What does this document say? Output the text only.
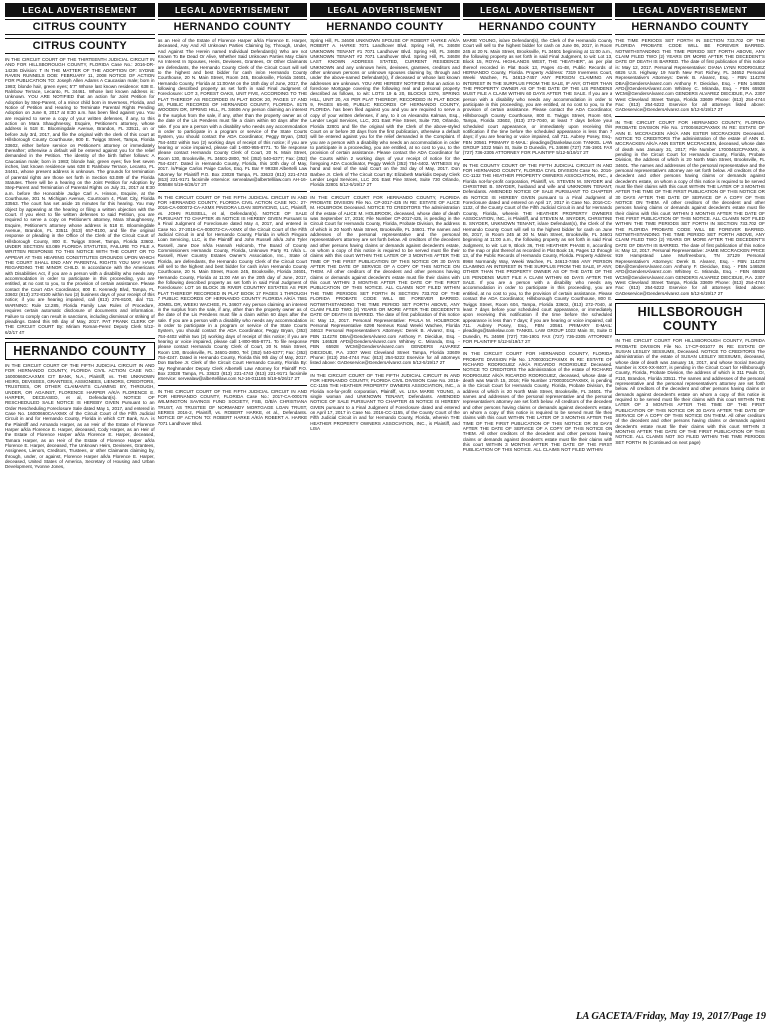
LEGAL ADVERTISEMENT
CITRUS COUNTY
CITRUS COUNTY
IN THE CIRCUIT COURT OF THE THIRTEENTH JUDICIAL CIRCUIT IN AND FOR HILLSBOROUGH COUNTY, FLORIDA Case No.: 2016-DR-14236 Division: T IN THE MATTER OF THE ADOPTION OF: SYDNE RAVEN RUNNELS DOB: FEBRUARY 11, 2008 NOTICE OF ACTION FOR PUBLICATION TO: Joseph Allen Adams A Caucasian male; born in 1983; blonde hair, green eyes; 5'7" Whose last known residence: 638 E. Ralnbow Terrace, Lecanto, FL 34461. Whose last known address is: Unknown. YOU ARE NOTIFIED that an action for Joint Petition for Adoption by Step-Parent, of a minor child born in Inverness, Florida, and Notice of Petition and Hearing to Terminate Parental Rights Pending Adoption on June 8, 2017 at 8:30 a.m. has been filed against you. You are required to serve a copy of your written defenses, if any, to this action on Mara Shaughnessy, Esquire, Petitioner's attorney, whose address is 518 E. Bloomingdale Avenue, Brandon, FL 33511, on or before July 3rd, 2017, and file the original with the clerk of this court at Hillsborough County Courthouse, 800 E. Twiggs Street, Tampa, Florida 33602, either before service on Petitioner's attorney or immediately thereafter; otherwise a default will be entered against you for the relief demanded in the Petition. The identity of the birth father follows: A Caucasian male; born in 1983; blonde hair, green eyes; five feet seven inches, last known residence was 638 E Ralnbow Terrace, Lecanto, FL 34461, whose present address is unknown. The grounds for termination of parental rights are those set forth in Section 63.089 of the Florida Statutes. There will be a hearing on the Joint Petition for Adoption by Step-Parent and Termination of Parental Rights on July 31, 2017 at 8:30 a.m. before the Honorable Judge Carl A. Hinson, Esquire, at the Courthouse, 301 N. Michigan Avenue, Courtroom 4, Plant City, Florida 33563. The court has set aside 15 minutes for this hearing. You may object by appearing at the hearing or filing a written objection with the Court. If you elect to file written defenses to said Petition, you are required to serve a copy on Petitioner's attorney, Mara Shaughnessy, Esquire, Petitioner's attorney whose address is 518 E. Bloomingdale Avenue, Brandon, FL 33511 (813) 657-8100, and file the original response or pleading in the Office of the Clerk of the Circuit Court of Hillsborough County, 800 E. Twiggs Street, Tampa, Florida 33602. UNDER SECTION 63.089 FLORIDA STATUTES, FAILURE TO FILE A WRITTEN RESPONSE TO THIS NOTICE WITH THE COURT OR TO APPEAR AT THIS HEARING CONSTITUTES GROUNDS UPON WHICH THE COURT SHALL END ANY PARENTAL RIGHTS YOU MAY HAVE REGARDING THE MINOR CHILD. In accordance with the Americans with Disabilities Act, if you are a person with a disability who needs any accommodation in order to participate in this proceeding, you are entitled, at no cost to you, to the provision of certain assistance. Please contact the Court ADA Coordinator, 800 E. Kennedy Blvd, Tampa, FL 33602 (813) 272-8100 within two (2) business days of your receipt of this notice; if you are hearing impaired, call (813) 276-8100, dial 711. WARNING: Rule 12.285, Florida Family Law Rules of Procedure, requires certain automatic disclosure of documents and information. Failure to comply can result in sanctions, including dismissal or striking of pleadings. Dated this 9th day of May, 2017. PAT FRANK CLERK OF THE CIRCUIT COURT By: Miriam Roman-Perez Deputy Clerk 5/12-6/2/17 4T
HERNANDO COUNTY
IN THE CIRCUIT COURT OF THE FIFTH JUDICIAL CIRCUIT IN AND FOR HERNANDO COUNTY, FLORIDA CIVIL ACTION CASE NO.: 16000660CAAXMX CIT BANK, N.A., Plaintiff, vs. THE UNKNOWN HEIRS, DEVISEES, GRANTEES, ASSIGNEES, LIENORS, CREDITORS, TRUSTEES, OR OTHER CLAIMANTS CLAIMING BY, THROUGH, UNDER, OR AGAINST, FLORENCE HARPER A/K/A FLORENCE E. HARPER, DECEASED, et al, Defendant(s). NOTICE OF RESCHEDULED SALE NOTICE IS HEREBY GIVEN Pursuant to an Order Rescheduling Foreclosure Sale dated May 1, 2017, and entered in Case No. 16000660CAAXMX of the Circuit Court of the Fifth Judicial Circuit in and for Hernando County, Florida in which CIT Bank, N.A. is the Plaintiff and Armando Harper, as an Heir of the Estate of Florence Harper a/k/a Florence E. Harper, deceased, Cody Harper, as an Heir of the Estate of Florence Harper a/k/a Florence E. Harper, deceased, Tamara Harper, as an Heir of the Estate of Florence Harper a/k/a Florence E. Harper, deceased, The Unknown Heirs, Devisees, Grantees, Assignees, Lienors, Creditors, Trustees, or other Claimants claiming by, through, under, or against, Florence Harper a/k/a Florence E. Harper, deceased, United States of America, Secretary of Housing and Urban Development, Yvonne Jones,
LEGAL ADVERTISEMENT
HERNANDO COUNTY
as an Heir of the Estate of Florence Harper a/k/a Florence E. Harper, deceased, Any And All Unknown Parties Claiming by, Through, Under, And Against The Herein named Individual Defendant(s) Who are not Known To Be Dead Or Alive, Whether Said Unknown Parties May Claim An Interest In Spouses, Heirs, Devisees, Grantees, Or Other Claimants are defendants, the Hernando County Clerk of the Circuit Court will sell to the highest and best bidder for cash in/on Hernando County Courthouse, 20 N. Main Street, Room 245, Brooksville, Florida 34601, Hernando County, Florida at 11:00AM on the 15th day of June, 2017, the following described property as set forth in said Final Judgment of Foreclosure: LOT 3, FOREST OAKS, UNIT FIVE, ACCORDING TO THE PLAT THEREOF AS RECORDED IN PLAT BOOK 20, PAGES 17 AND 18, PUBLIC RECORDS OF HERNANDO COUNTY, FLORIDA. 8175 WOODEN DR, SPRING HILL, FL 34606 Any person claiming an interest in the surplus from the sale, if any, other than the property owner as of the date of the Lis Pendens must file a claim within 60 days after the sale. If you are a person with a disability who needs any accommodation in order to participate in a program or service of the State Courts System, you should contact the ADA Coordinator, Peggy Bryan, (352) 754-4402 within two (2) working days of receipt of this notice; if you are hearing or voice impaired, please call 1-800-955-8771. To file response please contact Hernando County Clerk of Court, 20 N. Main Street, Room 130, Brooksville, FL 34601-2800, Tel: (352) 540-6377; Fax: (352) 754-4247. Dated in Hernando County, Florida, this 10th day of May, 2017. /s/Paige Carlos Paige Carlos, Esq. FL Bar # 99338 Albertelli Law Attorney for Plaintiff P.O. Box 23028 Tampa, FL 33623 (813) 221-4743 (813) 221-9171 facsimile eService: servealaw@albertellilaw.com AH-16-005588 5/19-5/26/17 2T
IN THE CIRCUIT COURT OF THE FIFTH JUDICIAL CIRCUIT IN AND FOR HERNANDO COUNTY, FLORIDA CIVIL ACTION CASE NO.: 27-2016-CA-000072-CA-AXMX PINGORA LOAN SERVICING, LLC, Plaintiff, vs. JOHN RUSSELL, et al, Defendant(s). NOTICE OF SALE PURSUANT TO CHAPTER 45 NOTICE IS HEREBY GIVEN Pursuant to a Final Judgment of Foreclosure dated May 4, 2017, and entered in Case No. 27-2016-CA-000072-CA-AXMX of the Circuit Court of the Fifth Judicial Circuit in and for Hernando County, Florida in which Pingora Loan Servicing, LLC, is the Plaintiff and John Russell a/k/a John Tyler Russell, Jane Doe n/k/a Hannah Holcomb, The Board of County Commissioners Hernando County, Florida, Unknown Party #1 n/k/a L. Russell, River Country Estates Owner's Association, Inc., State of Florida, are defendants, the Hernando County Clerk of the Circuit Court will sell to the highest and best bidder for cash in/on Hernando County Courthouse, 20 N. Main Street, Room 245, Brooksville, Florida 34601, Hernando County, Florida at 11:00 AM on the 20th day of June, 2017, the following described property as set forth in said Final Judgment of Foreclosure: LOT 16 BLOCK 35 RIVER COUNTRY ESTATES AS PER PLAT THEREOF RECORDED IN PLAT BOOK 17 PAGES 1 THROUGH 7 PUBLIC RECORDS OF HERNANDO COUNTY FLORIDA A/K/A 7581 JOMEL DR, WEEKI WACHEE, FL 34607 Any person claiming an interest in the surplus from the sale, if any, other than the property owner as of the date of the Lis Pendens must file a claim within 60 days after the sale. If you are a person with a disability who needs any accommodation in order to participate in a program or service of the State Courts System, you should contact the ADA Coordinator, Peggy Bryan, (352) 754-4402 within two (2) working days of receipt of this notice; if you are hearing or voice impaired, please call 1-800-955-8771. To file response please contact Hernando County Clerk of Court, 20 N. Main Street, Room 130, Brooksville, FL 34601-2800, Tel: (352) 540-6377; Fax: (352) 754-4247. Dated in Hernando County, Florida this 9th day of May, 2017. Don Barbee Jr. Clerk of the Circuit Court Hernando County, Florida By: Jay Reghmander Deputy Clerk Albertelli Law Attorney for Plaintiff P.O. Box 23028 Tampa, FL 33623 (813) 221-4743 (813) 221-9171 facsimile eService: servealaw@albertellilaw.com NJ-16-011165 5/19-5/26/17 2T
IN THE CIRCUIT COURT OF THE FIFTH JUDICIAL CIRCUIT IN AND FOR HERNANDO COUNTY, FLORIDA Case No.: 2017-CA-000176 WILMINGTON SAVINGS FUND SOCIETY, FSB, D/B/A CHRISTIANA TRUST, AS TRUSTEE OF NORMANDY MORTGAGE LOAN TRUST, SERIES 2016-2, Plaintiff, vs. ROBERT HARKE, et al., Defendants. NOTICE OF ACTION TO: ROBERT HARKE A/K/A ROBERT A. HARKE 7071 Landhover Blvd.
LEGAL ADVERTISEMENT
HERNANDO COUNTY
Spring Hill, FL 34608 UNKNOWN SPOUSE OF ROBERT HARKE A/K/A ROBERT A. HARKE 7071 Landhover Blvd. Spring Hill, FL 34608 UNKNOWN TENANT #1 7071 Landhover Blvd. Spring Hill, FL 34608 UNKNOWN TENANT #2 7071 Landhover Blvd. Spring Hill, FL 34608 LAST KNOWN ADDRESS STATED, CURRENT RESIDENCE UNKNOWN and any unknown heirs, devisees, grantees, creditors and other unknown persons or unknown spouses claiming by, through and under the above-named Defendant(s), if deceased or whose last known addresses are unknown. YOU ARE HEREBY NOTIFIED that an action to foreclose Mortgage covering the following real and personal property described as follows, to wit: LOTS 19 & 20, BLOCKS 1376, SPRING HILL, UNIT 20, AS PER PLAT THEREOF, RECORDED IN PLAT BOOK 9, PAGES 65-80, PUBLIC RECORDS OF HERNANDO COUNTY, FLORIDA. has been filed against you and you are required to serve a copy of your written defenses, if any, to it on Alexandra Kalman, Esq., Lender Legal Services, LLC, 201 East Pine Street, Suite 730, Orlando, Florida 32801 and file the original with the Clerk of the above-styled Court on or before 30 days from the first publication, otherwise a default will be entered against you for the relief demanded in the Complaint. If you are a person with a disability who needs an accommodation in order to participate in a proceeding, you are entitled, at no cost to you, to the provision of certain assistance. Please contact the ADA Coordinator for the Courts within 2 working days of your receipt of notice for the foregoing ADA Coordinator, Peggy Welch (352) 754-4402. WITNESS my hand and seal of the said Court on the 3rd day of May, 2017. Don Barbee Jr. Clerk of The Circuit Court By: Elizabeth Markidis Deputy Clerk Lender Legal Services, LLC 201 East Pine Street, Suite 730 Orlando, Florida 32801 5/12-5/19/17 2T
IN THE CIRCUIT COURT FOR HERNANDO COUNTY, FLORIDA PROBATE DIVISION File No. CP-2017-425 IN RE: ESTATE OF ALICE M. HOLBROOK Deceased. NOTICE TO CREDITORS The administration of the estate of ALICE M. HOLBROOK, deceased, whose date of death was September 17, 2016; File Number CP-2017-425, is pending in the Circuit Court for Hernando County, Florida, Probate Division, the address of which is 20 North Main Street, Brooksville, FL 34601. The names and addresses of the personal representative and the personal representative's attorney are set forth below. All creditors of the decedent and other persons having claims or demands against decedent's estate, on whom a copy of this notice is required to be served must file their claims with this court WITHIN THE LATER OF 3 MONTHS AFTER THE TIME OF THE FIRST PUBLICATION OF THIS NOTICE OR 30 DAYS AFTER THE DATE OF SERVICE OF A COPY OF THIS NOTICE ON THEM. All other creditors of the decedent and other persons having claims or demands against decedent's estate must file their claims with this court WITHIN 3 MONTHS AFTER THE DATE OF THE FIRST PUBLICATION OF THIS NOTICE. ALL CLAIMS NOT FILED WITHIN THE TIME PERIODS SET FORTH IN SECTION 733.702 OF THE FLORIDA PROBATE CODE WILL BE FOREVER BARRED. NOTWITHSTANDING THE TIME PERIOD SET FORTH ABOVE, ANY CLAIM FILED TWO (2) YEARS OR MORE AFTER THE DECEDENT'S DATE OF DEATH IS BARRED. The date of first publication of this notice is: May 12, 2017. Personal Representative: PAULA M. HOLBROOK Personal Representative 6298 Nemeus Road Weeki Wachee, Florida 34613 Personal Representative's Attorneys: Derek B. Alvarez, Esq. - FBN 114278 DBA@GendersAlvarez.com Anthony F. Diecidue, Esq. - FBN 146528 AFD@GendersAlvarez.com Whitney C. Miranda, Esq. - FBN 65928 WCM@GendersAlvarez.com GENDERS ALVAREZ DIECIDUE, P.A. 2307 West Cleveland Street Tampa, Florida 33609 Phone: (813) 254-4744 Fax: (813) 254-5222 Eservice for all attorneys listed above: GADeservice@GendersAlvarez.com 5/12-5/19/17 2T
IN THE CIRCUIT COURT OF THE FIFTH JUDICIAL CIRCUIT IN AND FOR HERNANDO COUNTY, FLORIDA CIVIL DIVISION Case No. 2016-CC-1155 THE HEATHER PROPERTY OWNERS ASSOCIATION, INC., a Florida not-for-profit corporation, Plaintiff, vs. LISA MARIE YOUNG, a single woman and UNKNOWN TENANT, Defendants. AMENDED NOTICE OF SALE PURSUANT TO CHAPTER 45 NOTICE IS HEREBY GIVEN pursuant to a Final Judgment of Foreclosure dated and entered on April 17, 2017 in Case No. 2016-CC-1155, of the County Court of the Fifth Judicial Circuit in and for Hernando County, Florida, wherein THE HEATHER PROPERTY OWNERS ASSOCIATION, INC., is Plaintiff, and LISA
LEGAL ADVERTISEMENT
HERNANDO COUNTY
MARIE YOUNG, is/are Defendant(s), the Clerk of the Hernando County Court will sell to the highest bidder for cash on June 06, 2017, in Room 245 at 20 N. Main Street, Brooksville, FL 34601 beginning at 11:00 a.m., the following property as set forth in said Final Judgment, to wit: Lot 13, Block 15, ROYAL HIGHLANDS WEST, THE "HEATHER", as per plat thereof recorded in Plat Book 13, Pages 41-48, Public Records of HERNANDO County, Florida. Property Address: 7319 Inverness Court, Weeki Wachee, FL 34613-7457 ANY PERSON CLAIMING AN INTEREST IN THE SURPLUS FROM THE SALE, IF ANY, OTHER THAN THE PROPERTY OWNER AS OF THE DATE OF THE LIS PENDENS MUST FILE A CLAIM WITHIN 60 DAYS AFTER THE SALE. If you are a person with a disability who needs any accommodation in order to participate in this proceeding, you are entitled, at no cost to you, to the provision of certain assistance. Please contact the ADA Coordinator, Hillsborough County Courthouse, 800 E. Twiggs Street, Room 604, Tampa, Florida 33602, (813) 272-7040, at least 7 days before your scheduled court appearance, or immediately upon receiving this notification if the time before the scheduled appearance is less than 7 days; if you are hearing or voice impaired, call 711. Aubrey Posey, Esq., FBN 20561 PRIMARY E-MAIL: pleadings@tankelaw.com TANKEL LAW GROUP 1022 Main St, Suite D Dunedin, FL 34698 (727) 736-1901 FAX (727) 736-2305 ATTORNEY FOR PLAINTIFF 5/12-5/19/17 2T
IN THE COUNTY COURT OF THE FIFTH JUDICIAL CIRCUIT IN AND FOR HERNANDO COUNTY, FLORIDA CIVIL DIVISION Case No. 2016-CC-1132 THE HEATHER PROPERTY OWNERS ASSOCIATION, INC., a Florida not-for-profit corporation, Plaintiff, vs. STEVEN M. SNYDER and CHRISTINE B. SNYDER, husband and wife and UNKNOWN TENANT, Defendants. AMENDED NOTICE OF SALE PURSUANT TO CHAPTER 45 NOTICE IS HEREBY GIVEN pursuant to a Final Judgment of Foreclosure dated and entered on April 17, 2017 in Case No. 2016-CC-1132, of the County Court of the Fifth Judicial Circuit in and for Hernando County, Florida, wherein THE HEATHER PROPERTY OWNERS ASSOCIATION, INC., is Plaintiff, and STEVEN M. SNYDER, CHRISTINE B. SNYDER, UNKNOWN TENANT, is/are Defendant(s), the Clerk of the Hernando County Court will sell to the highest bidder for cash on June 06, 2017, in Room 245 at 20 N. Main Street, Brooksville, FL 34601 beginning at 11:00 a.m., the following property as set forth in said Final Judgment, to wit: Lot 9, Block 36, THE HEATHER PHASE II, according to the map or plat thereof as recorded in Plat Book 16, Pages 12 through 13, of the Public Records of Hernando County, Florida. Property Address: 8968 Normandy Way, Weeki Wachee, FL 34613-7466 ANY PERSON CLAIMING AN INTEREST IN THE SURPLUS FROM THE SALE, IF ANY, OTHER THAN THE PROPERTY OWNER AS OF THE DATE OF THE LIS PENDENS MUST FILE A CLAIM WITHIN 60 DAYS AFTER THE SALE. If you are a person with a disability who needs any accommodation in order to participate in this proceeding, you are entitled, at no cost to you, to the provision of certain assistance. Please contact the ADA Coordinator, Hillsborough County Courthouse, 800 E. Twiggs Street, Room 604, Tampa, Florida 33602, (813) 272-7040, at least 7 days before your scheduled court appearance, or immediately upon receiving this notification if the time before the scheduled appearance is less than 7 days; if you are hearing or voice impaired, call 711. Aubrey Posey, Esq., FBN 20561 PRIMARY E-MAIL: pleadings@tankelaw.com TANKEL LAW GROUP 1022 Main St, Suite D Dunedin, FL 34698 (727) 736-1901 FAX (727) 736-2305 ATTORNEY FOR PLAINTIFF 5/12-5/19/17 2T
IN THE CIRCUIT COURT FOR HERNANDO COUNTY, FLORIDA PROBATE DIVISION File No. 17000301CPAXMX IN RE: ESTATE OF RICHARD RODRIGUEZ A/K/A RICARDO RODRIGUEZ Deceased. NOTICE TO CREDITORS The administration of the estate of RICHARD RODRIGUEZ A/K/A RICARDO RODRIGUEZ, deceased, whose date of death was March 15, 2016; File Number 17000301CPAXMX, is pending in the Circuit Court for Hernando County, Florida, Probate Division, the address of which is 20 North Main Street, Brooksville, FL 34601. The names and addresses of the personal representative and the personal representative's attorney are set forth below. All creditors of the decedent and other persons having claims or demands against decedent's estate, on whom a copy of this notice is required to be served must file their claims with this court WITHIN THE LATER OF 3 MONTHS AFTER THE TIME OF THE FIRST PUBLICATION OF THIS NOTICE OR 30 DAYS AFTER THE DATE OF SERVICE OF A COPY OF THIS NOTICE ON THEM. All other creditors of the decedent and other persons having claims or demands against decedent's estate must file their claims with this court WITHIN 3 MONTHS AFTER THE DATE OF THE FIRST PUBLICATION OF THIS NOTICE. ALL CLAIMS NOT FILED WITHIN
LEGAL ADVERTISEMENT
HERNANDO COUNTY
THE TIME PERIODS SET FORTH IN SECTION 733.702 OF THE FLORIDA PROBATE CODE WILL BE FOREVER BARRED. NOTWITHSTANDING THE TIME PERIOD SET FORTH ABOVE, ANY CLAIM FILED TWO (2) YEARS OR MORE AFTER THE DECEDENT'S DATE OF DEATH IS BARRED. The date of first publication of this notice is: May 12, 2017. Personal Representative: DIANA LYNN RODRIGUEZ 6826 U.S. Highway 19 North New Port Richey, FL 34652 Personal Representative's Attorneys: Derek B. Alvarez, Esq. - FBN 114278 DBA@GendersAlvarez.com Anthony F. Diecidue, Esq. - FBN 146528 AFD@GendersAlvarez.com Whitney C. Miranda, Esq. - FBN 65928 WCM@GendersAlvarez.com GENDERS ALVAREZ DIECIDUE, P.A. 2307 West Cleveland Street Tampa, Florida 33609 Phone: (813) 254-4744 Fax: (813) 254-5222 Eservice for all attorneys listed above: GADeservice@GendersAlvarez.com 5/12-5/19/17 2T
IN THE CIRCUIT COURT FOR HERNANDO COUNTY, FLORIDA PROBATE DIVISION File No. 17000462CPAXMX IN RE: ESTATE OF ANN E. MCCRACKEN A/K/A ANN ESTER MCCRACKEN Deceased. NOTICE TO CREDITORS The administration of the estate of ANN E. MCCRACKEN A/K/A ANN ESTER MCCRACKEN, deceased, whose date of death was January 31, 2017; File Number 17000462CPAXMX, is pending in the Circuit Court for Hernando County, Florida, Probate Division, the address of which is 20 North Main Street, Brooksville, FL 34601. The names and addresses of the personal representative and the personal representative's attorney are set forth below. All creditors of the decedent and other persons having claims or demands against decedent's estate, on whom a copy of this notice is required to be served must file their claims with this court WITHIN THE LATER OF 3 MONTHS AFTER THE TIME OF THE FIRST PUBLICATION OF THIS NOTICE OR 30 DAYS AFTER THE DATE OF SERVICE OF A COPY OF THIS NOTICE ON THEM. All other creditors of the decedent and other persons having claims or demands against decedent's estate must file their claims with this court WITHIN 3 MONTHS AFTER THE DATE OF THE FIRST PUBLICATION OF THIS NOTICE. ALL CLAIMS NOT FILED WITHIN THE TIME PERIODS SET FORTH IN SECTION 733.702 OF THE FLORIDA PROBATE CODE WILL BE FOREVER BARRED. NOTWITHSTANDING THE TIME PERIOD SET FORTH ABOVE, ANY CLAIM FILED TWO (2) YEARS OR MORE AFTER THE DECEDENT'S DATE OF DEATH IS BARRED. The date of first publication of this notice is: May 12, 2017. Personal Representative: JAMIE MCCRACKEN PRICE 919 Hampstead Lane Murfreesboro, TN 37129 Personal Representative's Attorneys: Derek B. Alvarez, Esq. - FBN 114278 DBA@GendersAlvarez.com Anthony F. Diecidue, Esq. - FBN 146528 AFD@GendersAlvarez.com Whitney C. Miranda, Esq. - FBN 65928 WCM@GendersAlvarez.com GENDERS ALVAREZ DIECIDUE, P.A. 2307 West Cleveland Street Tampa, Florida 33609 Phone: (813) 254-4744 Fax: (813) 254-5222 Eservice for all attorneys listed above: GADeservice@GendersAlvarez.com 5/12-5/19/17 2T
HILLSBOROUGH COUNTY
IN THE CIRCUIT COURT FOR HILLSBOROUGH COUNTY, FLORIDA PROBATE DIVISION File No. 17-CP-001077 IN RE: ESTATE OF SUSAN LESLEY SESSUMS, Deceased. NOTICE TO CREDITORS The administration of the estate of SUSAN LESLEY SESSUMS, deceased, whose date of death was January 16, 2017, and whose Social Security Number is XXX-XX-8407, is pending in the Circuit Court for Hillsborough County, Florida, Probate Division, the address of which is 311 Pauls Dr, #110, Brandon, Florida 33511. The names and addresses of the personal representative and the personal representative's attorney are set forth below. All creditors of the decedent and other persons having claims or demands against decedent's estate on whom a copy of this notice is required to be served must file their claims with this court WITHIN THE LATER OF 3 MONTHS AFTER THE TIME OF THE FIRST PUBLICATION OF THIS NOTICE OR 30 DAYS AFTER THE DATE OF SERVICE OF A COPY OF THIS NOTICE ON THEM. All other creditors of the decedent and other persons having claims or demands against decedent's estate must file their claims with this court WITHIN 3 MONTHS AFTER THE DATE OF THE FIRST PUBLICATION OF THIS NOTICE. ALL CLAIMS NOT SO FILED WITHIN THE TIME PERIODS SET FORTH IN (Continued on next page)
LA GACETA/Friday, May 19, 2017/Page 19
